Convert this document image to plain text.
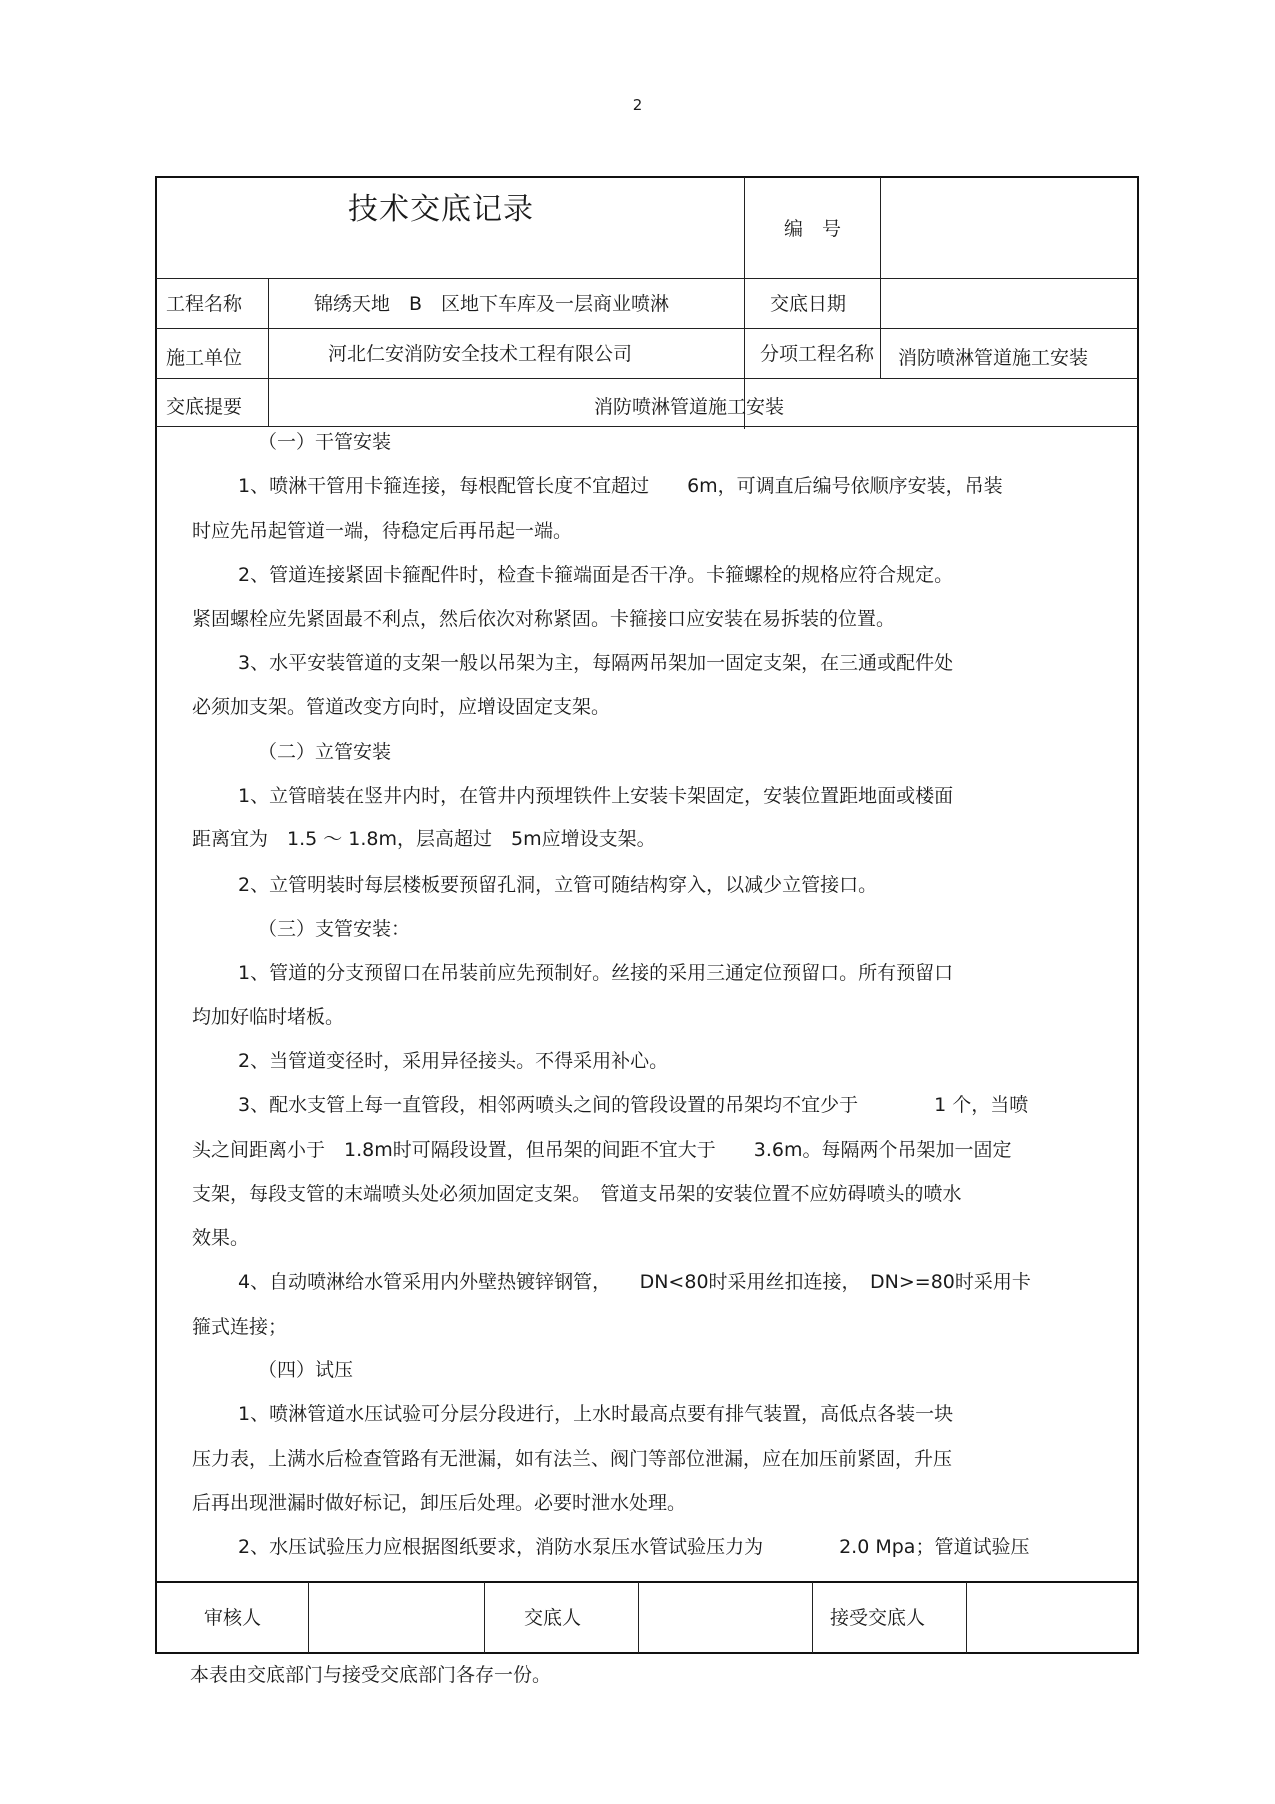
2
技术交底记录
编　号
工程名称	锦绣天地　B　区地下车库及一层商业喷淋	交底日期
施工单位	河北仁安消防安全技术工程有限公司	分项工程名称 消防喷淋管道施工安装
交底提要	消防喷淋管道施工安装
（一）干管安装
1、喷淋干管用卡箍连接，每根配管长度不宜超过　　6m，可调直后编号依顺序安装，吊装
时应先吊起管道一端，待稳定后再吊起一端。
2、管道连接紧固卡箍配件时，检查卡箍端面是否干净。卡箍螺栓的规格应符合规定。
紧固螺栓应先紧固最不利点，然后依次对称紧固。卡箍接口应安装在易拆装的位置。
3、水平安装管道的支架一般以吊架为主，每隔两吊架加一固定支架，在三通或配件处
必须加支架。管道改变方向时，应增设固定支架。
（二）立管安装
1、立管暗装在竖井内时，在管井内预埋铁件上安装卡架固定，安装位置距地面或楼面
距离宜为　1.5 ～ 1.8m，层高超过　5m应增设支架。
2、立管明装时每层楼板要预留孔洞，立管可随结构穿入，以减少立管接口。
（三）支管安装：
1、管道的分支预留口在吊装前应先预制好。丝接的采用三通定位预留口。所有预留口
均加好临时堵板。
2、当管道变径时，采用异径接头。不得采用补心。
3、配水支管上每一直管段，相邻两喷头之间的管段设置的吊架均不宜少于　　　　1 个，当喷
头之间距离小于　1.8m时可隔段设置，但吊架的间距不宜大于　　3.6m。每隔两个吊架加一固定
支架，每段支管的末端喷头处必须加固定支架。　管道支吊架的安装位置不应妨碍喷头的喷水
效果。
4、自动喷淋给水管采用内外壁热镀锌钢管，　　DN<80时采用丝扣连接，　DN>=80时采用卡
箍式连接；
（四）试压
1、喷淋管道水压试验可分层分段进行，上水时最高点要有排气装置，高低点各装一块
压力表，上满水后检查管路有无泄漏，如有法兰、阀门等部位泄漏，应在加压前紧固，升压
后再出现泄漏时做好标记，卸压后处理。必要时泄水处理。
2、水压试验压力应根据图纸要求，消防水泵压水管试验压力为　　　　2.0 Mpa；管道试验压
审核人	交底人	接受交底人
本表由交底部门与接受交底部门各存一份。
